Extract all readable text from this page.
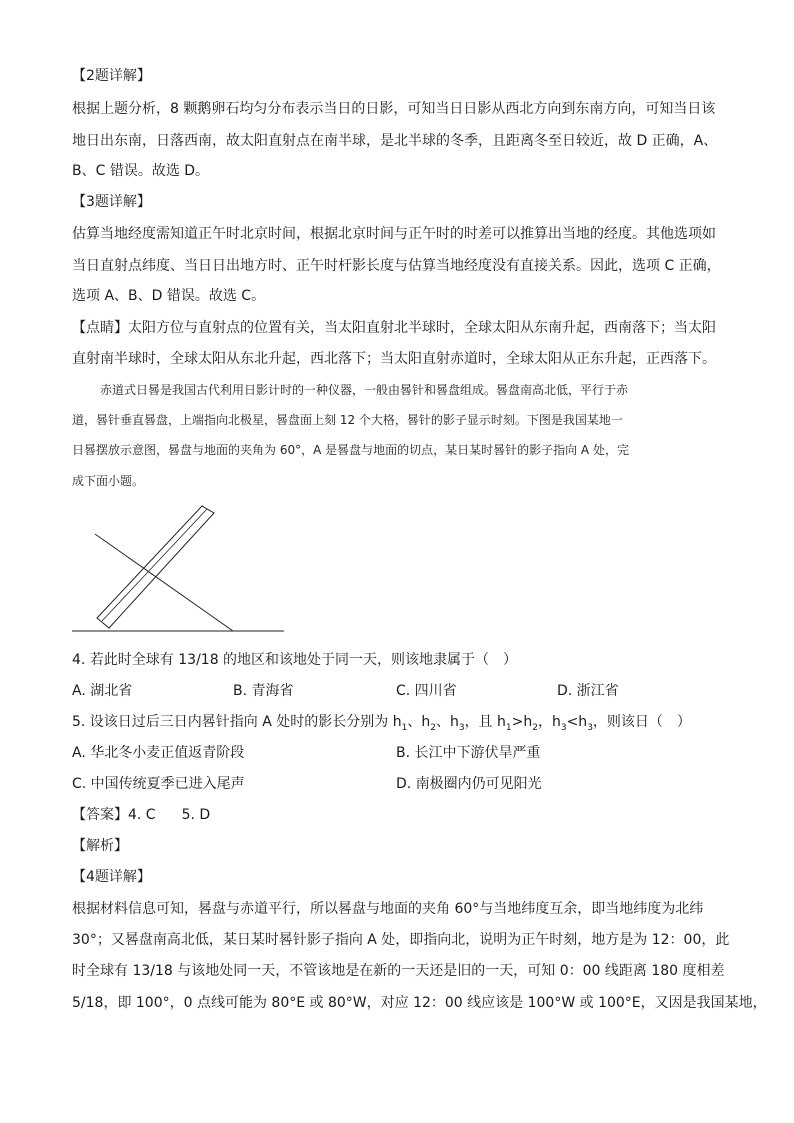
【2题详解】
根据上题分析，8 颗鹅卵石均匀分布表示当日的日影，可知当日日影从西北方向到东南方向，可知当日该
地日出东南，日落西南，故太阳直射点在南半球，是北半球的冬季，且距离冬至日较近，故 D 正确，A、
B、C 错误。故选 D。
【3题详解】
估算当地经度需知道正午时北京时间，根据北京时间与正午时的时差可以推算出当地的经度。其他选项如
当日直射点纬度、当日日出地方时、正午时杆影长度与估算当地经度没有直接关系。因此，选项 C 正确，
选项 A、B、D 错误。故选 C。
【点睛】太阳方位与直射点的位置有关，当太阳直射北半球时，全球太阳从东南升起，西南落下；当太阳
直射南半球时，全球太阳从东北升起，西北落下；当太阳直射赤道时，全球太阳从正东升起，正西落下。
赤道式日晷是我国古代利用日影计时的一种仪器，一般由晷针和晷盘组成。晷盘南高北低，平行于赤
道，晷针垂直晷盘，上端指向北极星，晷盘面上刻 12 个大格，晷针的影子显示时刻。下图是我国某地一
日晷摆放示意图，晷盘与地面的夹角为 60°，A 是晷盘与地面的切点，某日某时晷针的影子指向 A 处，完
成下面小题。
4. 若此时全球有 13/18 的地区和该地处于同一天，则该地隶属于（　）
A. 湖北省	B. 青海省	C. 四川省	D. 浙江省
5. 设该日过后三日内晷针指向 A 处时的影长分别为 $h_1$、$h_2$、$h_3$，且 $h_1>h_2$，$h_3<h_3$，则该日（　）
A. 华北冬小麦正值返青阶段	B. 长江中下游伏旱严重
C. 中国传统夏季已进入尾声	D. 南极圈内仍可见阳光
【答案】4. C 5. D
【解析】
【4题详解】
根据材料信息可知，晷盘与赤道平行，所以晷盘与地面的夹角 60°与当地纬度互余，即当地纬度为北纬
30°；又晷盘南高北低，某日某时晷针影子指向 A 处，即指向北，说明为正午时刻，地方是为 12：00，此
时全球有 13/18 与该地处同一天，不管该地是在新的一天还是旧的一天，可知 0：00 线距离 180 度相差
5/18，即 100°，0 点线可能为 80°E 或 80°W，对应 12：00 线应该是 100°W 或 100°E，又因是我国某地，
